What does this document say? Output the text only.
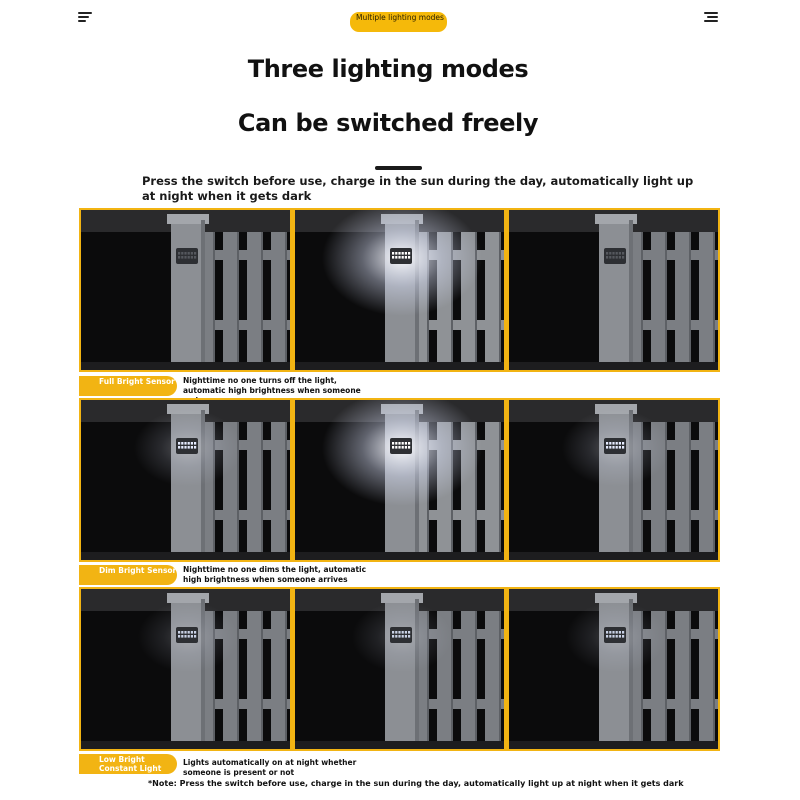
Multiple lighting modes
Three lighting modes
Can be switched freely
Press the switch before use, charge in the sun during the day, automatically light up at night when it gets dark
Full Bright Sensor Nighttime no one turns off the light, automatic high brightness when someone
Dim Bright Sensor Nighttime no one dims the light, automatic high brightness when someone arrives
Low Bright Constant Light
Lights automatically on at night whether someone is present or not
*Note: Press the switch before use, charge in the sun during the day, automatically light up at night when it gets dark
